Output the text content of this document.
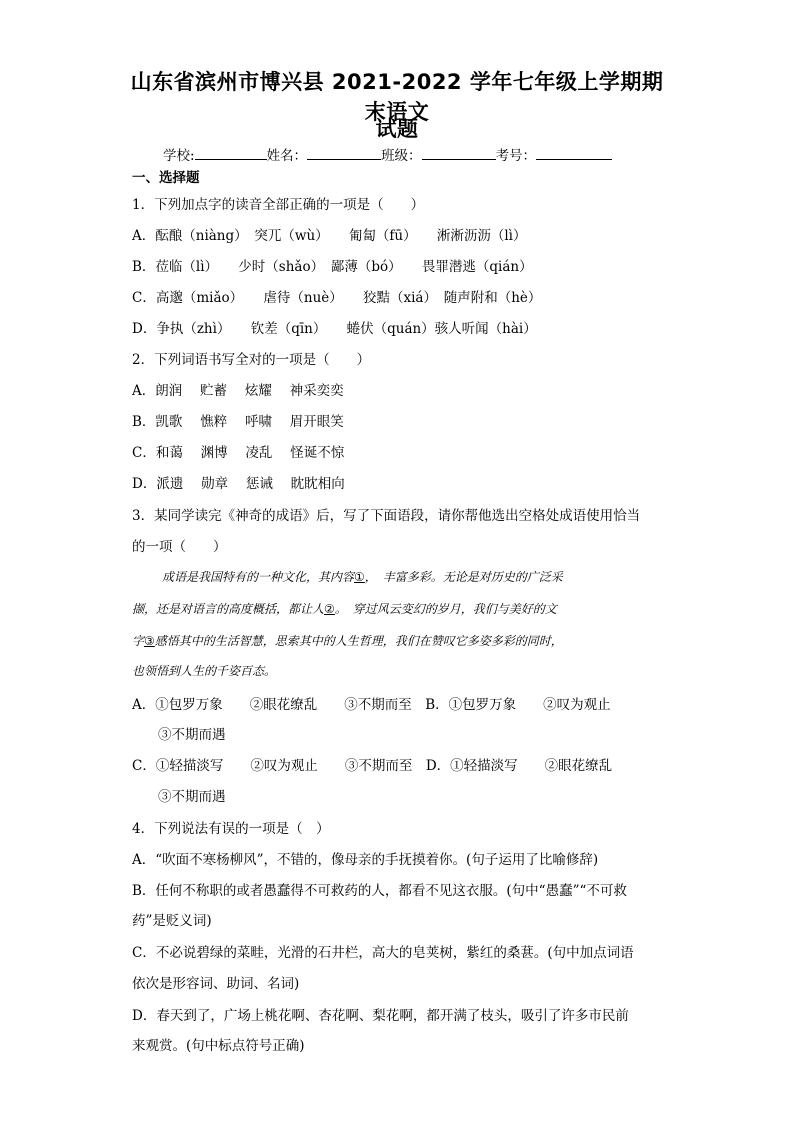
山东省滨州市博兴县 2021-2022 学年七年级上学期期末语文
试题
学校:	姓名：	班级：	考号：
一、选择题
1．下列加点字的读音全部正确的一项是（　　）
A．酝酿（niàng）　突兀（wù）　　匍匐（fū）　　淅淅沥沥（lì）
B．莅临（lì）　　少时（shǎo）　鄙薄（bó）　　畏罪潜逃（qián）
C．高邈（miǎo）　　虐待（nuè）　　狡黠（xiá）　随声附和（hè）
D．争执（zhì）　　钦差（qīn）　　蜷伏（quán）骇人听闻（hài）
2．下列词语书写全对的一项是（　　）
A．朗润　 贮蓄　 炫耀　 神采奕奕
B．凯歌　 憔粹　 呼啸　 眉开眼笑
C．和蔼　 渊博　 凌乱　 怪诞不惊
D．派遗　 勋章　 惩诫　 眈眈相向
3．某同学读完《神奇的成语》后，写了下面语段，请你帮他选出空格处成语使用恰当
的一项（　　）
成语是我国特有的一种文化，其内容①，　丰富多彩。无论是对历史的广泛采
撷，还是对语言的高度概括，都让人②。　穿过风云变幻的岁月，我们与美好的文
字③感悟其中的生活智慧，思索其中的人生哲理，我们在赞叹它多姿多彩的同时，
也领悟到人生的千姿百态。
A．①包罗万象　　②眼花缭乱　　③不期而至　B．①包罗万象　　②叹为观止
③不期而遇
C．①轻描淡写　　②叹为观止　　③不期而至　D．①轻描淡写　　②眼花缭乱
③不期而遇
4．下列说法有误的一项是（　）
A．“吹面不寒杨柳风”，不错的，像母亲的手抚摸着你。(句子运用了比喻修辞)
B．任何不称职的或者愚蠢得不可救药的人，都看不见这衣服。(句中“愚蠢”“不可救
药”是贬义词)
C．不必说碧绿的菜畦，光滑的石井栏，高大的皂荚树，紫红的桑葚。(句中加点词语
依次是形容词、助词、名词)
D．春天到了，广场上桃花啊、杏花啊、梨花啊，都开满了枝头，吸引了许多市民前
来观赏。(句中标点符号正确)
